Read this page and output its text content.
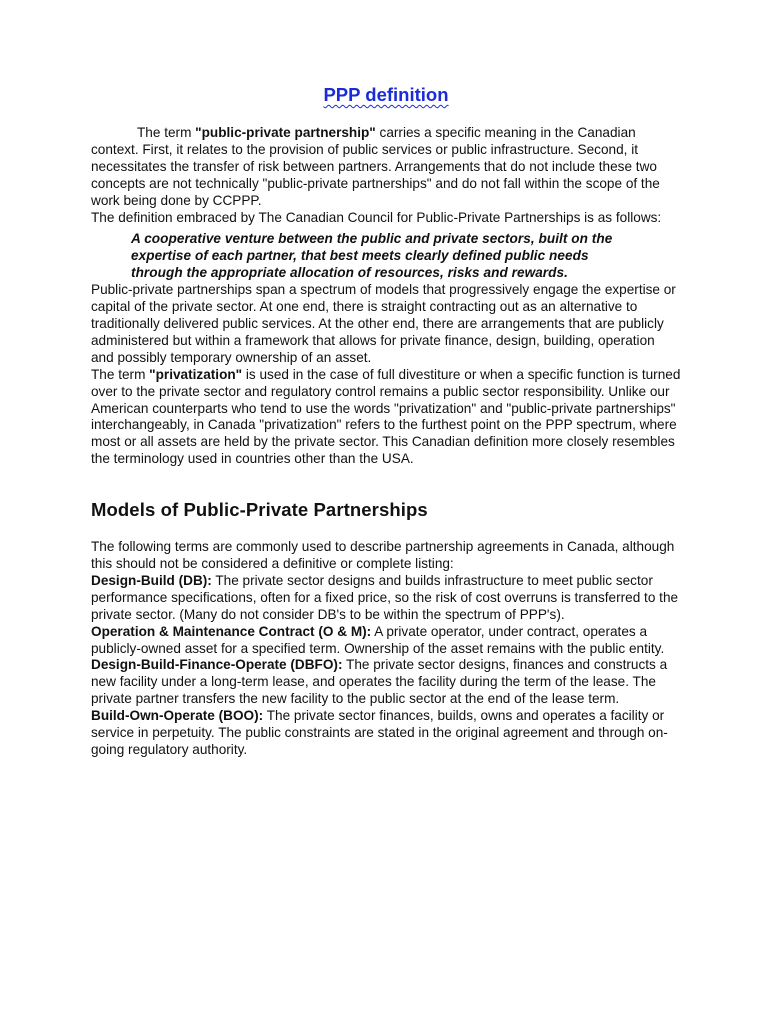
PPP definition

The term "public-private partnership" carries a specific meaning in the Canadian context. First, it relates to the provision of public services or public infrastructure. Second, it necessitates the transfer of risk between partners. Arrangements that do not include these two concepts are not technically "public-private partnerships" and do not fall within the scope of the work being done by CCPPP.

The definition embraced by The Canadian Council for Public-Private Partnerships is as follows:

A cooperative venture between the public and private sectors, built on the expertise of each partner, that best meets clearly defined public needs through the appropriate allocation of resources, risks and rewards.

Public-private partnerships span a spectrum of models that progressively engage the expertise or capital of the private sector. At one end, there is straight contracting out as an alternative to traditionally delivered public services. At the other end, there are arrangements that are publicly administered but within a framework that allows for private finance, design, building, operation and possibly temporary ownership of an asset.

The term "privatization" is used in the case of full divestiture or when a specific function is turned over to the private sector and regulatory control remains a public sector responsibility. Unlike our American counterparts who tend to use the words "privatization" and "public-private partnerships" interchangeably, in Canada "privatization" refers to the furthest point on the PPP spectrum, where most or all assets are held by the private sector. This Canadian definition more closely resembles the terminology used in countries other than the USA.

Models of Public-Private Partnerships

The following terms are commonly used to describe partnership agreements in Canada, although this should not be considered a definitive or complete listing:

Design-Build (DB): The private sector designs and builds infrastructure to meet public sector performance specifications, often for a fixed price, so the risk of cost overruns is transferred to the private sector. (Many do not consider DB's to be within the spectrum of PPP's).

Operation & Maintenance Contract (O & M): A private operator, under contract, operates a publicly-owned asset for a specified term. Ownership of the asset remains with the public entity.

Design-Build-Finance-Operate (DBFO): The private sector designs, finances and constructs a new facility under a long-term lease, and operates the facility during the term of the lease. The private partner transfers the new facility to the public sector at the end of the lease term.

Build-Own-Operate (BOO): The private sector finances, builds, owns and operates a facility or service in perpetuity. The public constraints are stated in the original agreement and through on-going regulatory authority.
